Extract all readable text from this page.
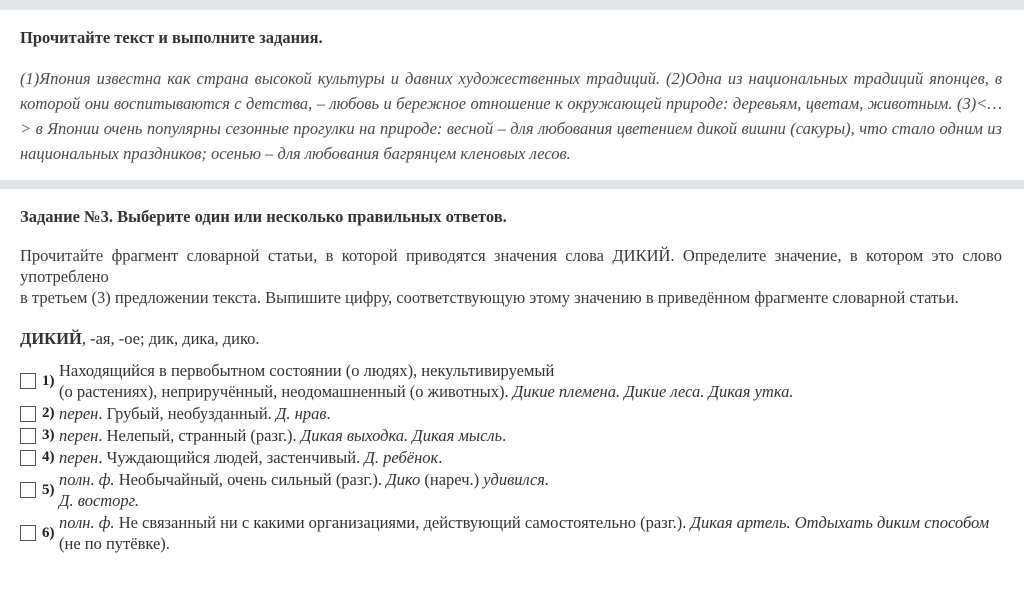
Прочитайте текст и выполните задания.
(1)Япония известна как страна высокой культуры и давних художественных традиций. (2)Одна из национальных традиций японцев, в которой они воспитываются с детства, – любовь и бережное отношение к окружающей природе: деревьям, цветам, животным. (3)<…> в Японии очень популярны сезонные прогулки на природе: весной – для любования цветением дикой вишни (сакуры), что стало одним из национальных праздников; осенью – для любования багрянцем кленовых лесов.
Задание №3. Выберите один или несколько правильных ответов.

Прочитайте фрагмент словарной статьи, в которой приводятся значения слова ДИКИЙ. Определите значение, в котором это слово употреблено

в третьем (3) предложении текста. Выпишите цифру, соответствующую этому значению в приведённом фрагменте словарной статьи.

ДИКИЙ, -ая, -ое; дик, дика, дико.
1)
Находящийся в первобытном состоянии (о людях), некультивируемый
(о растениях), неприручённый, неодомашненный (о животных). Дикие племена. Дикие леса. Дикая утка.
2) перен. Грубый, необузданный. Д. нрав.
3) перен. Нелепый, странный (разг.). Дикая выходка. Дикая мысль.
4) перен. Чуждающийся людей, застенчивый. Д. ребёнок.
5)
полн. ф. Необычайный, очень сильный (разг.). Дико (нареч.) удивился.
Д. восторг.
6)
полн. ф. Не связанный ни с какими организациями, действующий самостоятельно (разг.). Дикая артель. Отдыхать диким способом (не по путёвке).
